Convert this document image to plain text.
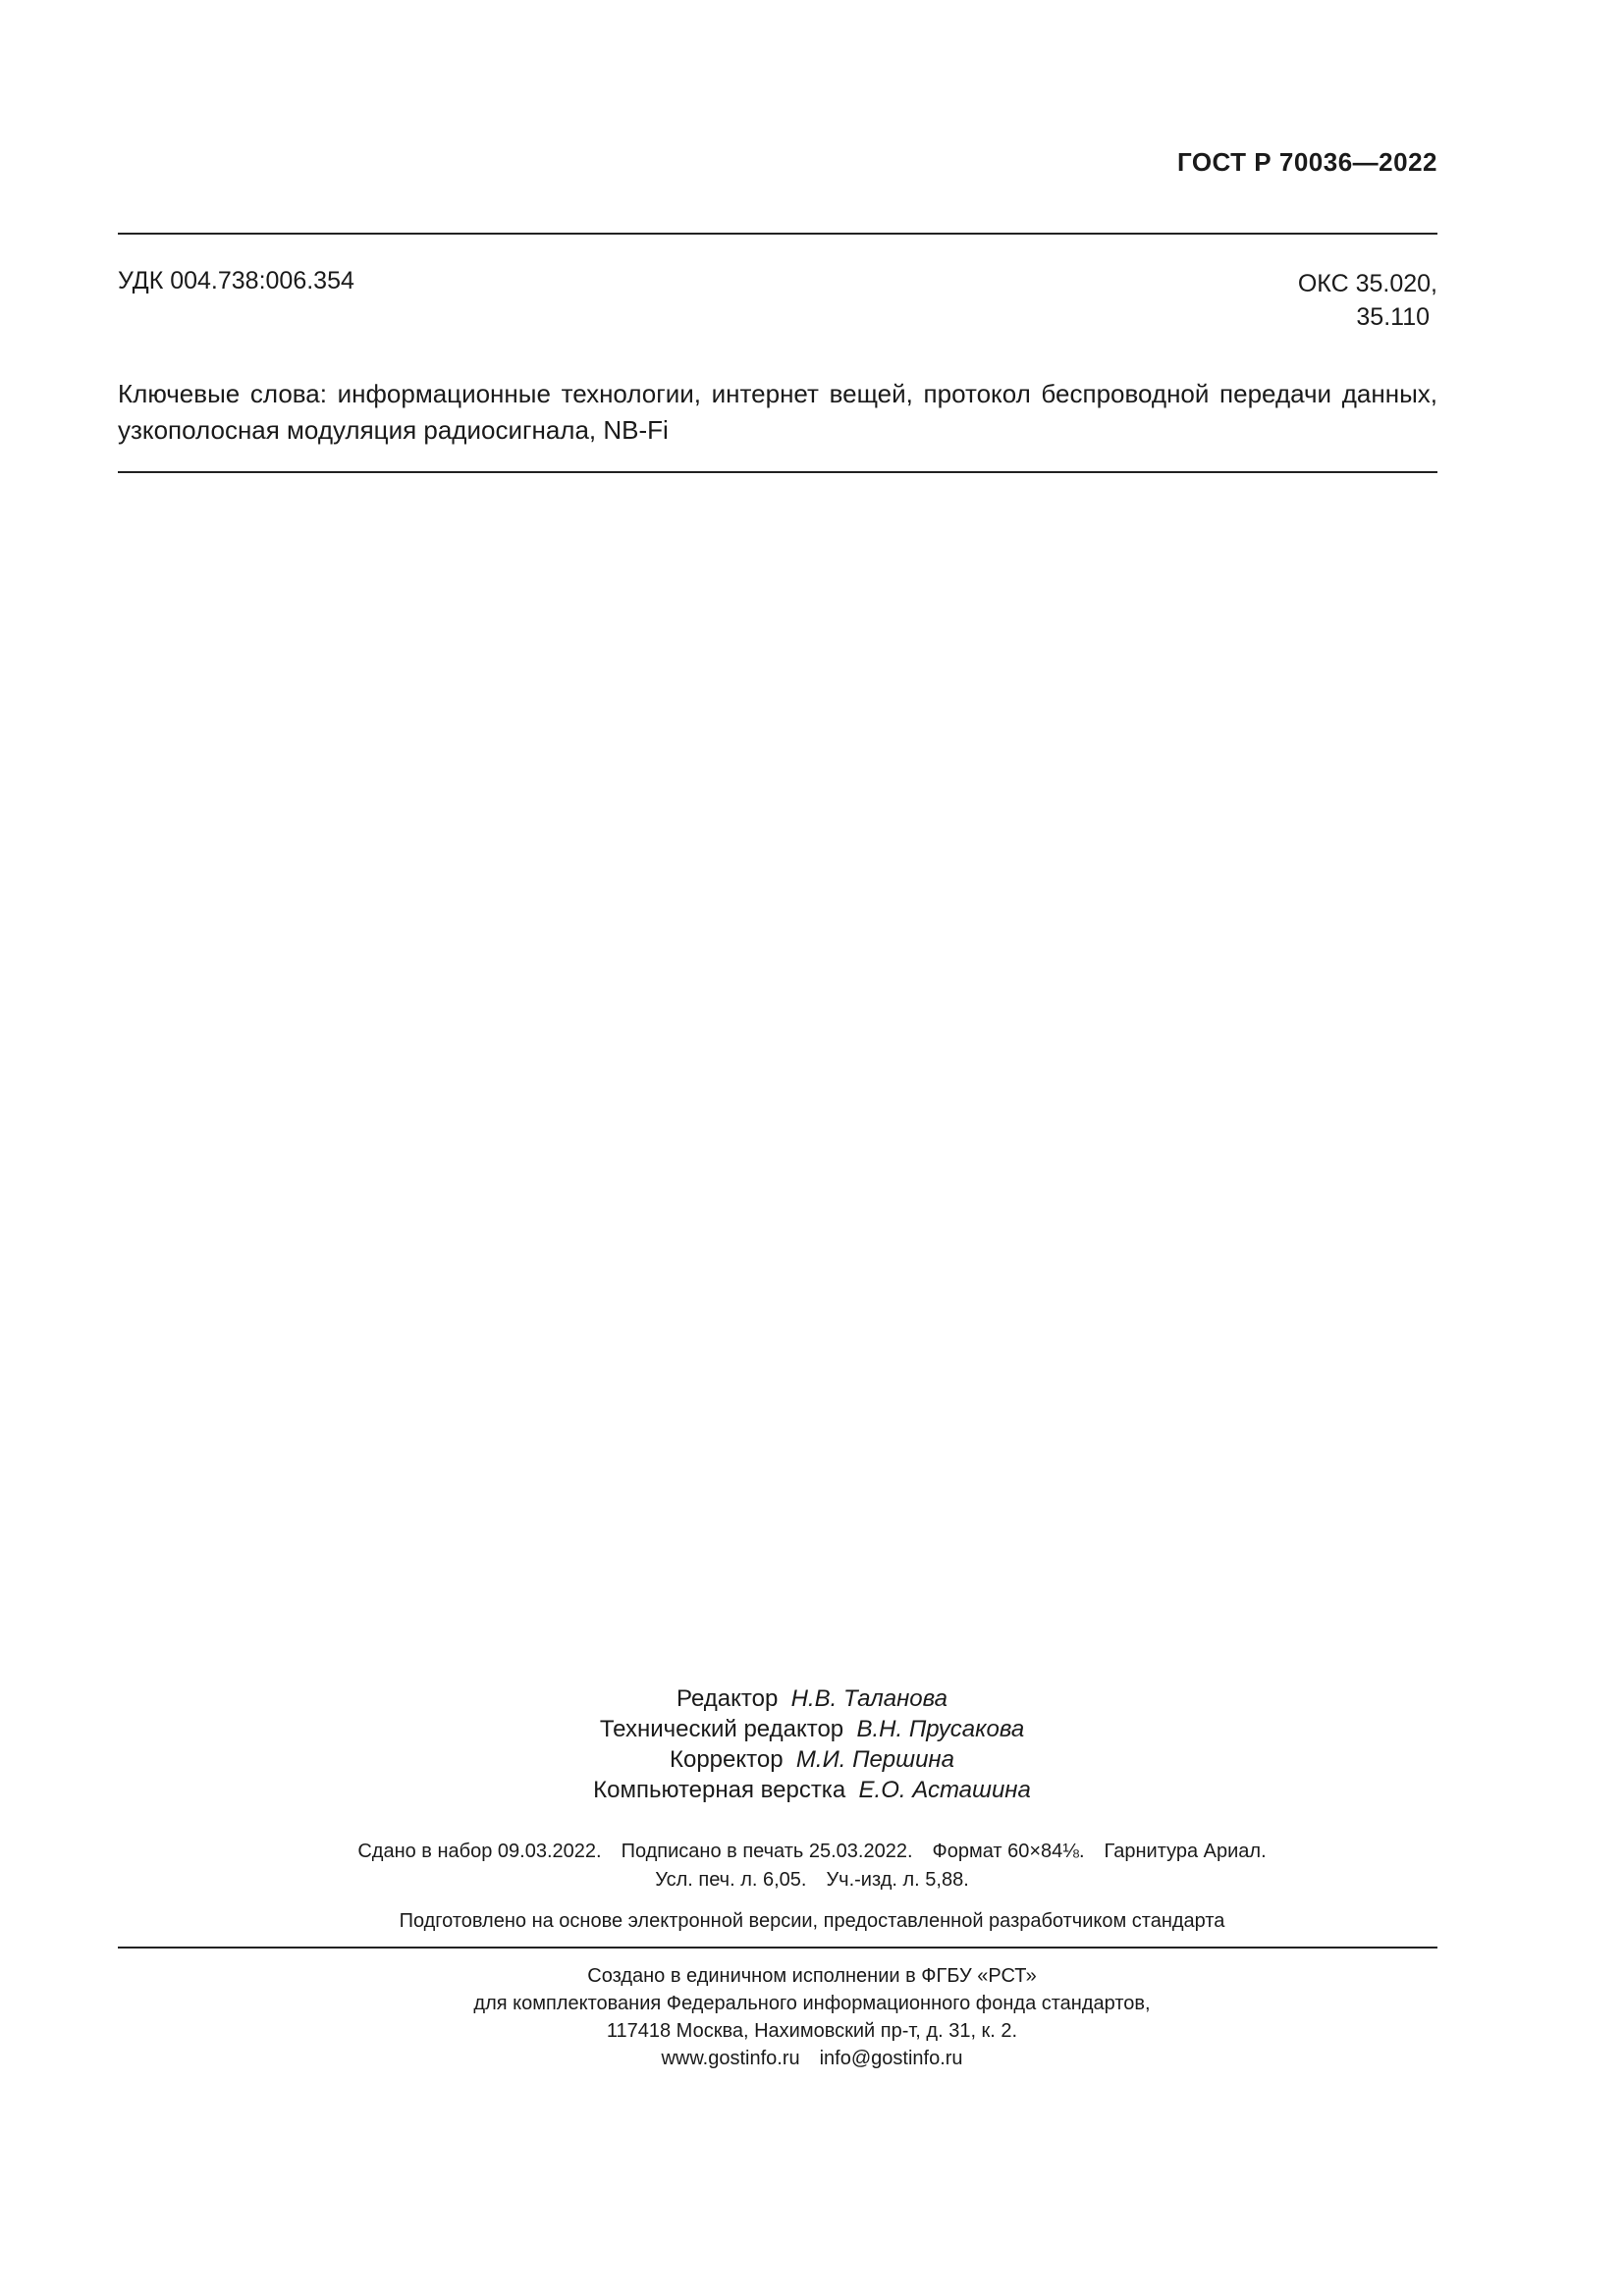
ГОСТ Р 70036—2022
УДК 004.738:006.354	ОКС 35.020,
35.110
Ключевые слова: информационные технологии, интернет вещей, протокол беспроводной передачи данных, узкополосная модуляция радиосигнала, NB-Fi
Редактор Н.В. Таланова
Технический редактор В.Н. Прусакова
Корректор М.И. Першина
Компьютерная верстка Е.О. Асташина
Сдано в набор 09.03.2022. Подписано в печать 25.03.2022. Формат 60×84⅛. Гарнитура Ариал.
Усл. печ. л. 6,05. Уч.-изд. л. 5,88.
Подготовлено на основе электронной версии, предоставленной разработчиком стандарта
Создано в единичном исполнении в ФГБУ «РСТ»
для комплектования Федерального информационного фонда стандартов,
117418 Москва, Нахимовский пр-т, д. 31, к. 2.
www.gostinfo.ru info@gostinfo.ru
